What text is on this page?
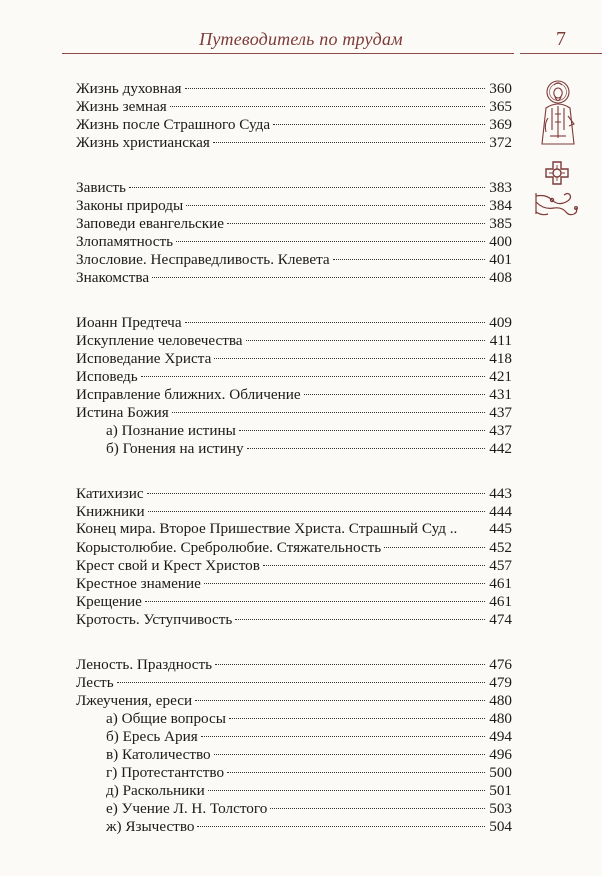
Путеводитель по трудам	7
Жизнь духовная	360
Жизнь земная	365
Жизнь после Страшного Суда	369
Жизнь христианская	372
Зависть	383
Законы природы	384
Заповеди евангельские	385
Злопамятность	400
Злословие. Несправедливость. Клевета	401
Знакомства	408
Иоанн Предтеча	409
Искупление человечества	411
Исповедание Христа	418
Исповедь	421
Исправление ближних. Обличение	431
Истина Божия	437
а) Познание истины	437
б) Гонения на истину	442
Катихизис	443
Книжники	444
Конец мира. Второе Пришествие Христа. Страшный Суд .. 445
Корыстолюбие. Сребролюбие. Стяжательность	452
Крест свой и Крест Христов	457
Крестное знамение	461
Крещение	461
Кротость. Уступчивость	474
Леность. Праздность	476
Лесть	479
Лжеучения, ереси	480
а) Общие вопросы	480
б) Ересь Ария	494
в) Католичество	496
г) Протестантство	500
д) Раскольники	501
е) Учение Л. Н. Толстого	503
ж) Язычество	504
